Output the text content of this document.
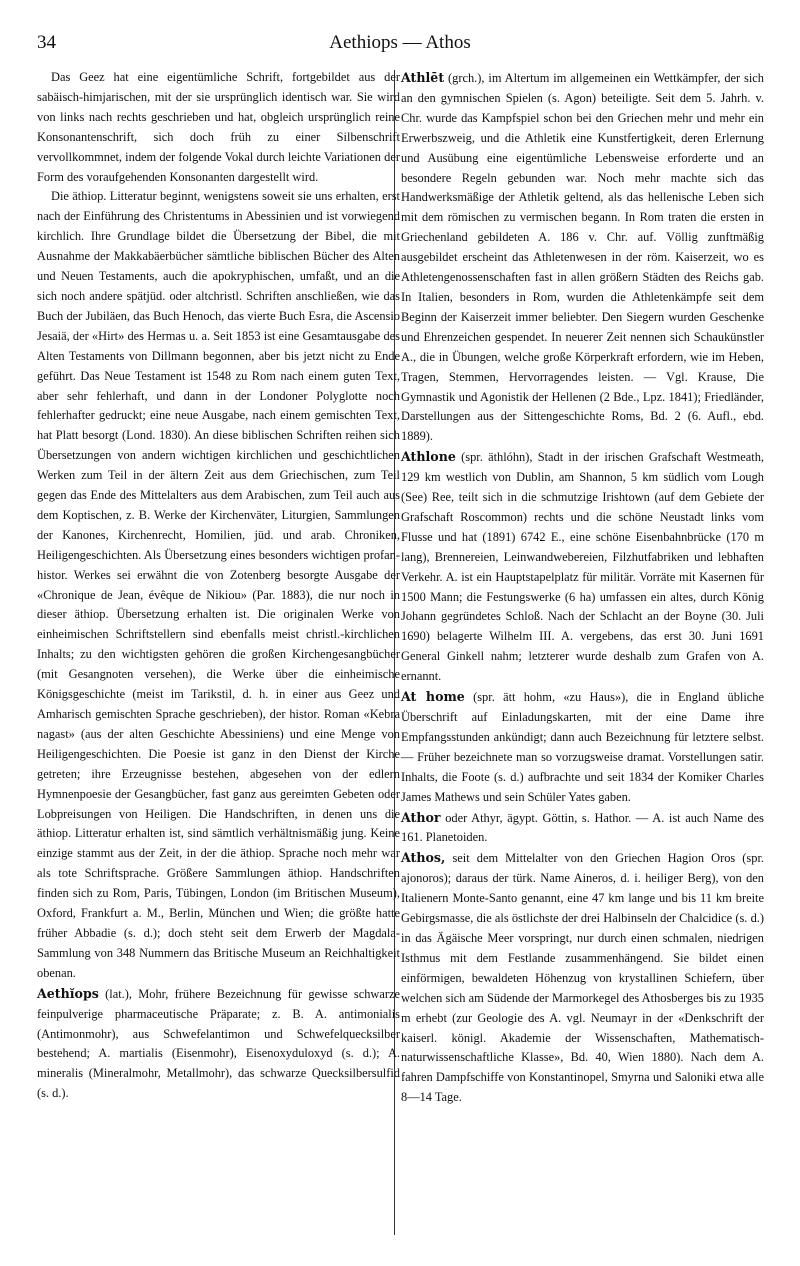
34	Aethiops — Athos

Das Geez hat eine eigentümliche Schrift, fortgebildet aus der sabäisch-himjarischen, mit der sie ursprünglich identisch war. Sie wird von links nach rechts geschrieben und hat, obgleich ursprünglich reine Konsonantenschrift, sich doch früh zu einer Silbenschrift vervollkommnet, indem der folgende Vokal durch leichte Variationen der Form des voraufgehenden Konsonanten dargestellt wird.

Die äthiop. Litteratur beginnt, wenigstens soweit sie uns erhalten, erst nach der Einführung des Christentums in Abessinien und ist vorwiegend kirchlich. Ihre Grundlage bildet die Übersetzung der Bibel, die mit Ausnahme der Makkabäerbücher sämtliche biblischen Bücher des Alten und Neuen Testaments, auch die apokryphischen, umfaßt, und an die sich noch andere spätjüd. oder altchristl. Schriften anschließen, wie das Buch der Jubiläen, das Buch Henoch, das vierte Buch Esra, die Ascensio Jesaiä, der «Hirt» des Hermas u. a. Seit 1853 ist eine Gesamtausgabe des Alten Testaments von Dillmann begonnen, aber bis jetzt nicht zu Ende geführt. Das Neue Testament ist 1548 zu Rom nach einem guten Text, aber sehr fehlerhaft, und dann in der Londoner Polyglotte noch fehlerhafter gedruckt; eine neue Ausgabe, nach einem gemischten Text, hat Platt besorgt (Lond. 1830). An diese biblischen Schriften reihen sich Übersetzungen von andern wichtigen kirchlichen und geschichtlichen Werken zum Teil in der ältern Zeit aus dem Griechischen, zum Teil gegen das Ende des Mittelalters aus dem Arabischen, zum Teil auch aus dem Koptischen, z. B. Werke der Kirchenväter, Liturgien, Sammlungen der Kanones, Kirchenrecht, Homilien, jüd. und arab. Chroniken, Heiligengeschichten. Als Übersetzung eines besonders wichtigen profan-histor. Werkes sei erwähnt die von Zotenberg besorgte Ausgabe der «Chronique de Jean, évêque de Nikiou» (Par. 1883), die nur noch in dieser äthiop. Übersetzung erhalten ist. Die originalen Werke von einheimischen Schriftstellern sind ebenfalls meist christl.-kirchlichen Inhalts; zu den wichtigsten gehören die großen Kirchengesangbücher (mit Gesangnoten versehen), die Werke über die einheimische Königsgeschichte (meist im Tarikstil, d. h. in einer aus Geez und Amharisch gemischten Sprache geschrieben), der histor. Roman «Kebra nagast» (aus der alten Geschichte Abessiniens) und eine Menge von Heiligengeschichten. Die Poesie ist ganz in den Dienst der Kirche getreten; ihre Erzeugnisse bestehen, abgesehen von der edlern Hymnenpoesie der Gesangbücher, fast ganz aus gereimten Gebeten oder Lobpreisungen von Heiligen. Die Handschriften, in denen uns die äthiop. Litteratur erhalten ist, sind sämtlich verhältnismäßig jung. Keine einzige stammt aus der Zeit, in der die äthiop. Sprache noch mehr war als tote Schriftsprache. Größere Sammlungen äthiop. Handschriften finden sich zu Rom, Paris, Tübingen, London (im Britischen Museum), Oxford, Frankfurt a. M., Berlin, München und Wien; die größte hatte früher Abbadie (s. d.); doch steht seit dem Erwerb der Magdala-Sammlung von 348 Nummern das Britische Museum an Reichhaltigkeit obenan.

Aethĭops (lat.), Mohr, frühere Bezeichnung für gewisse schwarze feinpulverige pharmaceutische Präparate; z. B. A. antimonialis (Antimonmohr), aus Schwefelantimon und Schwefelquecksilber bestehend; A. martialis (Eisenmohr), Eisenoxyduloxyd (s. d.); A. mineralis (Mineralmohr, Metallmohr), das schwarze Quecksilbersulfid (s. d.).

Athlēt (grch.), im Altertum im allgemeinen ein Wettkämpfer, der sich an den gymnischen Spielen (s. Agon) beteiligte. Seit dem 5. Jahrh. v. Chr. wurde das Kampfspiel schon bei den Griechen mehr und mehr ein Erwerbszweig, und die Athletik eine Kunstfertigkeit, deren Erlernung und Ausübung eine eigentümliche Lebensweise erforderte und an besondere Regeln gebunden war. Noch mehr machte sich das Handwerksmäßige der Athletik geltend, als das hellenische Leben sich mit dem römischen zu vermischen begann. In Rom traten die ersten in Griechenland gebildeten A. 186 v. Chr. auf. Völlig zunftmäßig ausgebildet erscheint das Athletenwesen in der röm. Kaiserzeit, wo es Athletengenossenschaften fast in allen größern Städten des Reichs gab. In Italien, besonders in Rom, wurden die Athletenkämpfe seit dem Beginn der Kaiserzeit immer beliebter. Den Siegern wurden Geschenke und Ehrenzeichen gespendet. In neuerer Zeit nennen sich Schaukünstler A., die in Übungen, welche große Körperkraft erfordern, wie im Heben, Tragen, Stemmen, Hervorragendes leisten. — Vgl. Krause, Die Gymnastik und Agonistik der Hellenen (2 Bde., Lpz. 1841); Friedländer, Darstellungen aus der Sittengeschichte Roms, Bd. 2 (6. Aufl., ebd. 1889).

Athlone (spr. äthlóhn), Stadt in der irischen Grafschaft Westmeath, 129 km westlich von Dublin, am Shannon, 5 km südlich vom Lough (See) Ree, teilt sich in die schmutzige Irishtown (auf dem Gebiete der Grafschaft Roscommon) rechts und die schöne Neustadt links vom Flusse und hat (1891) 6742 E., eine schöne Eisenbahnbrücke (170 m lang), Brennereien, Leinwandwebereien, Filzhutfabriken und lebhaften Verkehr. A. ist ein Hauptstapelplatz für militär. Vorräte mit Kasernen für 1500 Mann; die Festungswerke (6 ha) umfassen ein altes, durch König Johann gegründetes Schloß. Nach der Schlacht an der Boyne (30. Juli 1690) belagerte Wilhelm III. A. vergebens, das erst 30. Juni 1691 General Ginkell nahm; letzterer wurde deshalb zum Grafen von A. ernannt.

At home (spr. ätt hohm, «zu Haus»), die in England übliche Überschrift auf Einladungskarten, mit der eine Dame ihre Empfangsstunden ankündigt; dann auch Bezeichnung für letztere selbst. — Früher bezeichnete man so vorzugsweise dramat. Vorstellungen satir. Inhalts, die Foote (s. d.) aufbrachte und seit 1834 der Komiker Charles James Mathews und sein Schüler Yates gaben.

Athor oder Athyr, ägypt. Göttin, s. Hathor. — A. ist auch Name des 161. Planetoiden.

Athos, seit dem Mittelalter von den Griechen Hagion Oros (spr. ajonoros); daraus der türk. Name Aineros, d. i. heiliger Berg), von den Italienern Monte-Santo genannt, eine 47 km lange und bis 11 km breite Gebirgsmasse, die als östlichste der drei Halbinseln der Chalcidice (s. d.) in das Ägäische Meer vorspringt, nur durch einen schmalen, niedrigen Isthmus mit dem Festlande zusammenhängend. Sie bildet einen einförmigen, bewaldeten Höhenzug von krystallinen Schiefern, über welchen sich am Südende der Marmorkegel des Athosberges bis zu 1935 m erhebt (zur Geologie des A. vgl. Neumayr in der «Denkschrift der kaiserl. königl. Akademie der Wissenschaften, Mathematisch-naturwissenschaftliche Klasse», Bd. 40, Wien 1880). Nach dem A. fahren Dampfschiffe von Konstantinopel, Smyrna und Saloniki etwa alle 8—14 Tage.
